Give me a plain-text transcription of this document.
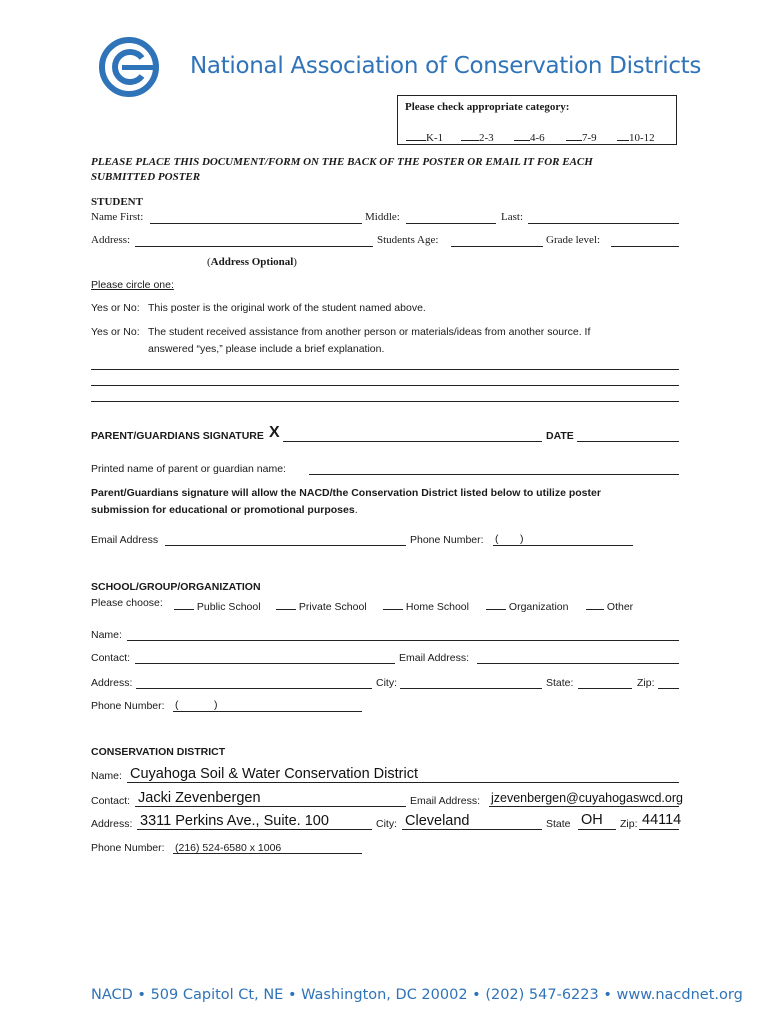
National Association of Conservation Districts
Please check appropriate category:
K-1	2-3	4-6	7-9	10-12
PLEASE PLACE THIS DOCUMENT/FORM ON THE BACK OF THE POSTER OR EMAIL IT FOR EACH
SUBMITTED POSTER
STUDENT
Name First:	Middle:	Last:
Address:	Students Age:	Grade level:
(Address Optional)
Please circle one:
Yes or No: This poster is the original work of the student named above.
Yes or No: The student received assistance from another person or materials/ideas from another source. If
answered “yes,” please include a brief explanation.
PARENT/GUARDIANS SIGNATURE X	DATE
Printed name of parent or guardian name:
Parent/Guardians signature will allow the NACD/the Conservation District listed below to utilize poster
submission for educational or promotional purposes.
Email Address	Phone Number: ( )
SCHOOL/GROUP/ORGANIZATION
Please choose:	Public School	Private School	Home School	Organization	Other
Name:
Contact:	Email Address:
Address:	City:	State:	Zip:
Phone Number: (	)
CONSERVATION DISTRICT
Name: Cuyahoga Soil & Water Conservation District
Contact: Jacki Zevenbergen	Email Address: jzevenbergen@cuyahogaswcd.org
Address: 3311 Perkins Ave., Suite. 100	City: Cleveland	State OH Zip: 44114
Phone Number: (216) 524-6580 x 1006
NACD • 509 Capitol Ct, NE • Washington, DC 20002 • (202) 547-6223 • www.nacdnet.org
